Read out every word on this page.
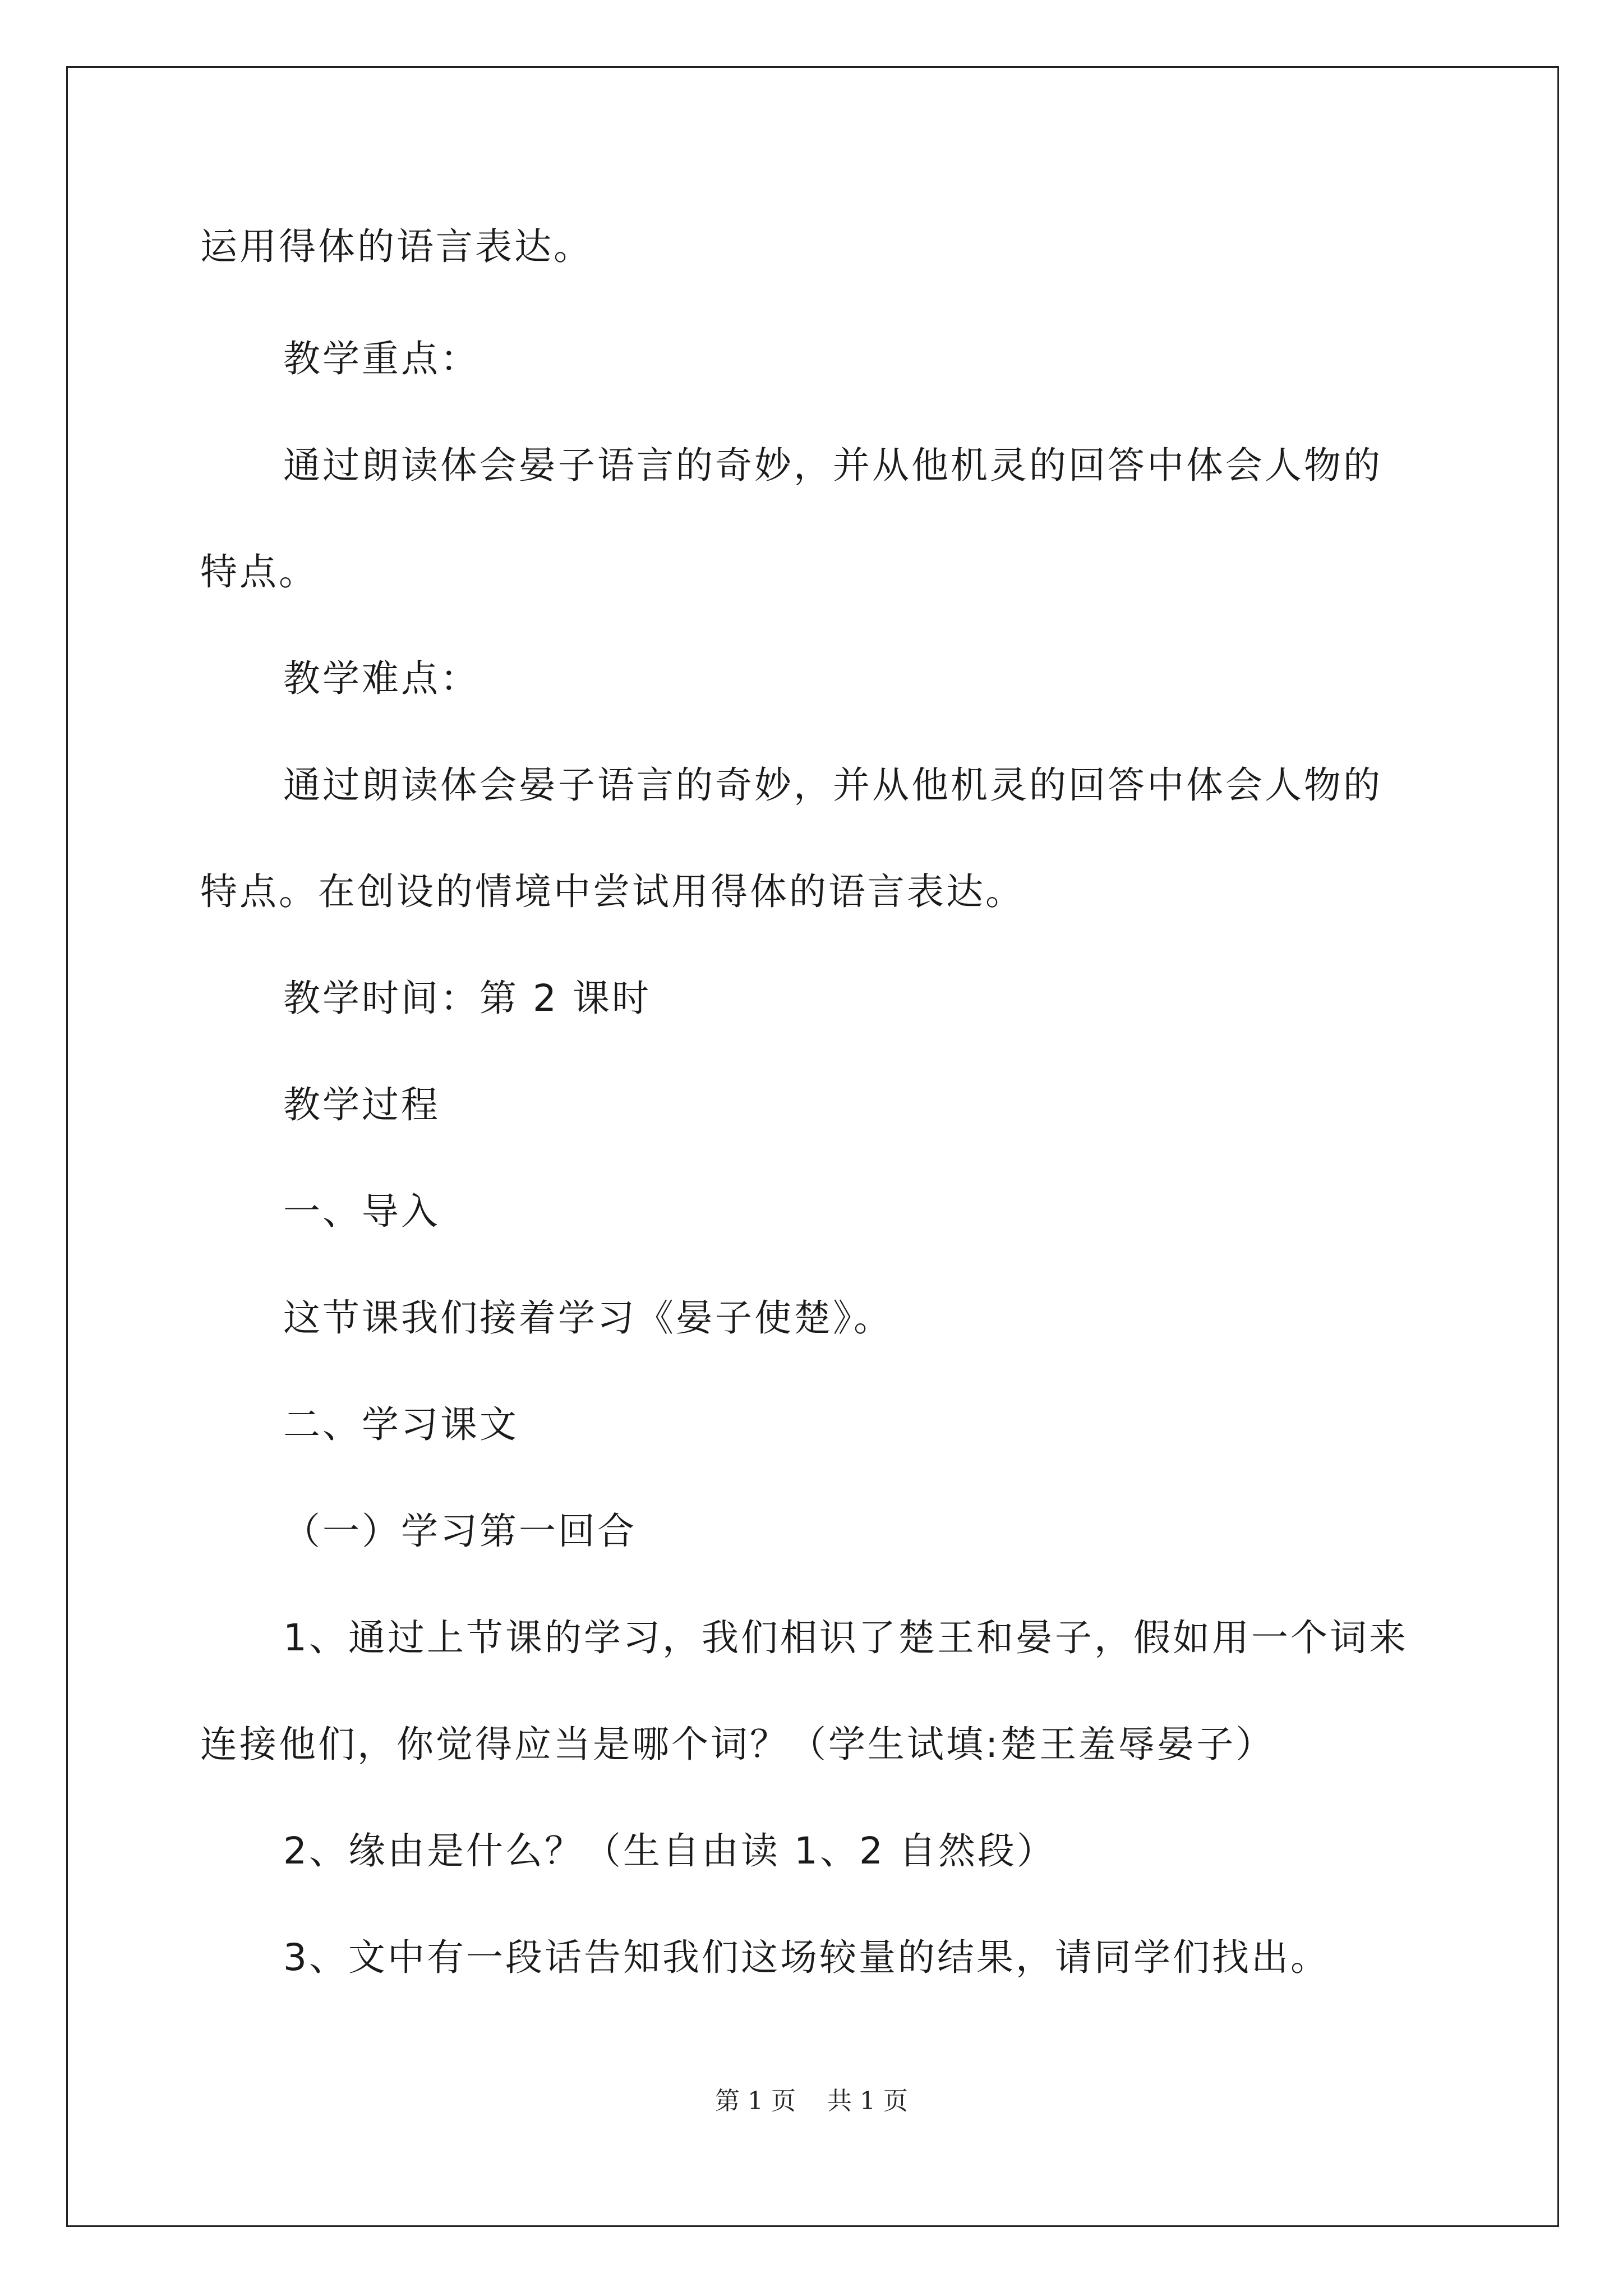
运用得体的语言表达。
教学重点：
通过朗读体会晏子语言的奇妙，并从他机灵的回答中体会人物的
特点。
教学难点：
通过朗读体会晏子语言的奇妙，并从他机灵的回答中体会人物的
特点。在创设的情境中尝试用得体的语言表达。
教学时间：第 2 课时
教学过程
一、导入
这节课我们接着学习《晏子使楚》。
二、学习课文
（一）学习第一回合
1、通过上节课的学习，我们相识了楚王和晏子，假如用一个词来
连接他们，你觉得应当是哪个词？（学生试填:楚王羞辱晏子）
2、缘由是什么？（生自由读 1、2 自然段）
3、文中有一段话告知我们这场较量的结果，请同学们找出。
第 1 页    共 1 页
